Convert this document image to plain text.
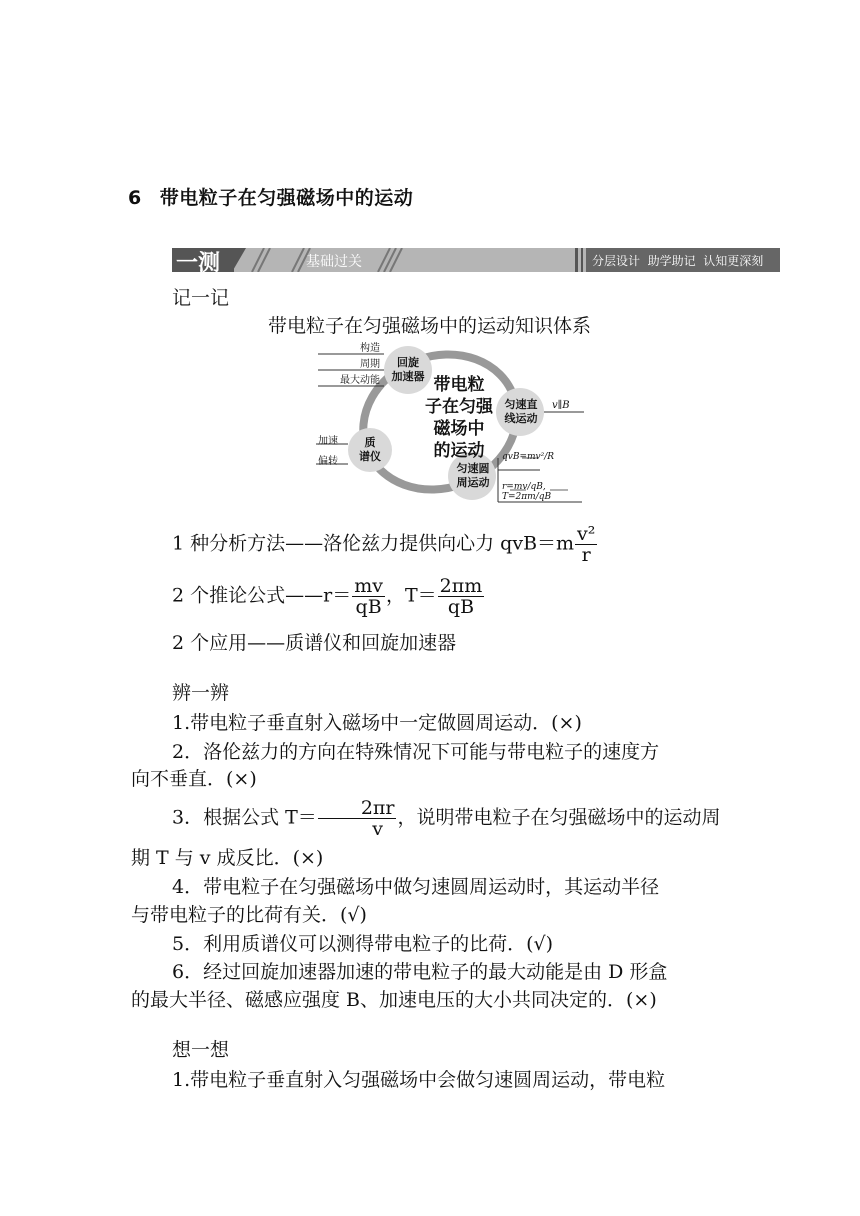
6 带电粒子在匀强磁场中的运动
一测	基础过关	分层设计  助学助记  认知更深刻
记一记
带电粒子在匀强磁场中的运动知识体系
带电粒
子在匀强
磁场中
的运动
回旋
加速器
构造
周期
最大动能
质
谱仪
加速
偏转
匀速直
线运动
v∥B
匀速圆
周运动
qvB=mv²/R
r=mv/qB, T=2πm/qB
1 种分析方法——洛伦兹力提供向心力 $qvB=m \frac{\text{v²}}{r}$
2 个推论公式——r＝ $\frac{mv}{qB}$ ，$T= \frac{2\pi m}{qB}$
2 个应用——质谱仪和回旋加速器
辨一辨
1.带电粒子垂直射入磁场中一定做圆周运动．(×)
2．洛伦兹力的方向在特殊情况下可能与带电粒子的速度方
向不垂直．(×)
3．根据公式 $T= \frac{2\pi r}{v}$ ，说明带电粒子在匀强磁场中的运动周
期 T 与 v 成反比．(×)
4．带电粒子在匀强磁场中做匀速圆周运动时，其运动半径
与带电粒子的比荷有关．(√)
5．利用质谱仪可以测得带电粒子的比荷．(√)
6．经过回旋加速器加速的带电粒子的最大动能是由 D 形盒
的最大半径、磁感应强度 B、加速电压的大小共同决定的．(×)
想一想
1.带电粒子垂直射入匀强磁场中会做匀速圆周运动，带电粒
